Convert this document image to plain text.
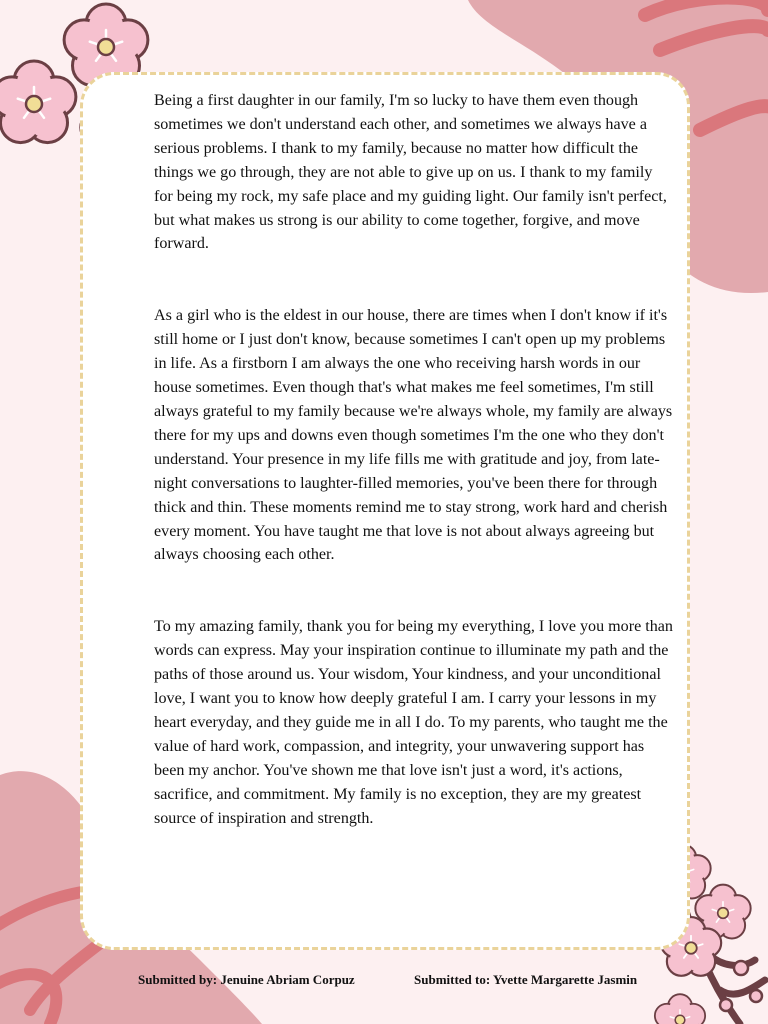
Being a first daughter in our family, I'm so lucky to have them even though sometimes we don't understand each other, and sometimes we always have a serious problems. I thank to my family, because no matter how difficult the things we go through, they are not able to give up on us. I thank to my family for being my rock, my safe place and my guiding light. Our family isn't perfect, but what makes us strong is our ability to come together, forgive, and move forward.

As a girl who is the eldest in our house, there are times when I don't know if it's still home or I just don't know, because sometimes I can't open up my problems in life. As a firstborn I am always the one who receiving harsh words in our house sometimes. Even though that's what makes me feel sometimes, I'm still always grateful to my family because we're always whole, my family are always there for my ups and downs even though sometimes I'm the one who they don't understand. Your presence in my life fills me with gratitude and joy, from late-night conversations to laughter-filled memories, you've been there for through thick and thin. These moments remind me to stay strong, work hard and cherish every moment. You have taught me that love is not about always agreeing but always choosing each other.

To my amazing family, thank you for being my everything, I love you more than words can express. May your inspiration continue to illuminate my path and the paths of those around us. Your wisdom, Your kindness, and your unconditional love, I want you to know how deeply grateful I am. I carry your lessons in my heart everyday, and they guide me in all I do. To my parents, who taught me the value of hard work, compassion, and integrity, your unwavering support has been my anchor. You've shown me that love isn't just a word, it's actions, sacrifice, and commitment. My family is no exception, they are my greatest source of inspiration and strength.

Submitted by: Jenuine Abriam Corpuz	Submitted to: Yvette Margarette Jasmin
